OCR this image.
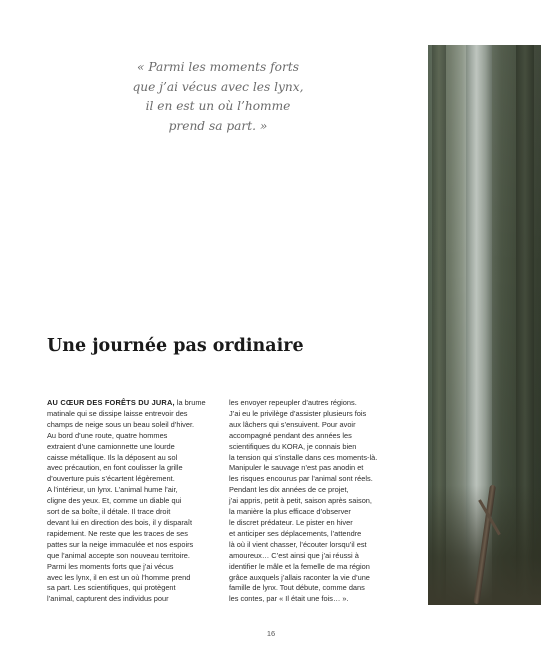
« Parmi les moments forts
que j’ai vécus avec les lynx,
il en est un où l’homme
prend sa part. »
Une journée pas ordinaire
AU CŒUR DES FORÊTS DU JURA, la brume
matinale qui se dissipe laisse entrevoir des
champs de neige sous un beau soleil d’hiver.
Au bord d’une route, quatre hommes
extraient d’une camionnette une lourde
caisse métallique. Ils la déposent au sol
avec précaution, en font coulisser la grille
d’ouverture puis s’écartent légèrement.
A l’intérieur, un lynx. L’animal hume l’air,
cligne des yeux. Et, comme un diable qui
sort de sa boîte, il détale. Il trace droit
devant lui en direction des bois, il y disparaît
rapidement. Ne reste que les traces de ses
pattes sur la neige immaculée et nos espoirs
que l’animal accepte son nouveau territoire.
Parmi les moments forts que j’ai vécus
avec les lynx, il en est un où l’homme prend
sa part. Les scientifiques, qui protègent
l’animal, capturent des individus pour
les envoyer repeupler d’autres régions.
J’ai eu le privilège d’assister plusieurs fois
aux lâchers qui s’ensuivent. Pour avoir
accompagné pendant des années les
scientifiques du KORA, je connais bien
la tension qui s’installe dans ces moments-là.
Manipuler le sauvage n’est pas anodin et
les risques encourus par l’animal sont réels.
Pendant les dix années de ce projet,
j’ai appris, petit à petit, saison après saison,
la manière la plus efficace d’observer
le discret prédateur. Le pister en hiver
et anticiper ses déplacements, l’attendre
là où il vient chasser, l’écouter lorsqu’il est
amoureux… C’est ainsi que j’ai réussi à
identifier le mâle et la femelle de ma région
grâce auxquels j’allais raconter la vie d’une
famille de lynx. Tout débute, comme dans
les contes, par « Il était une fois… ».
16
